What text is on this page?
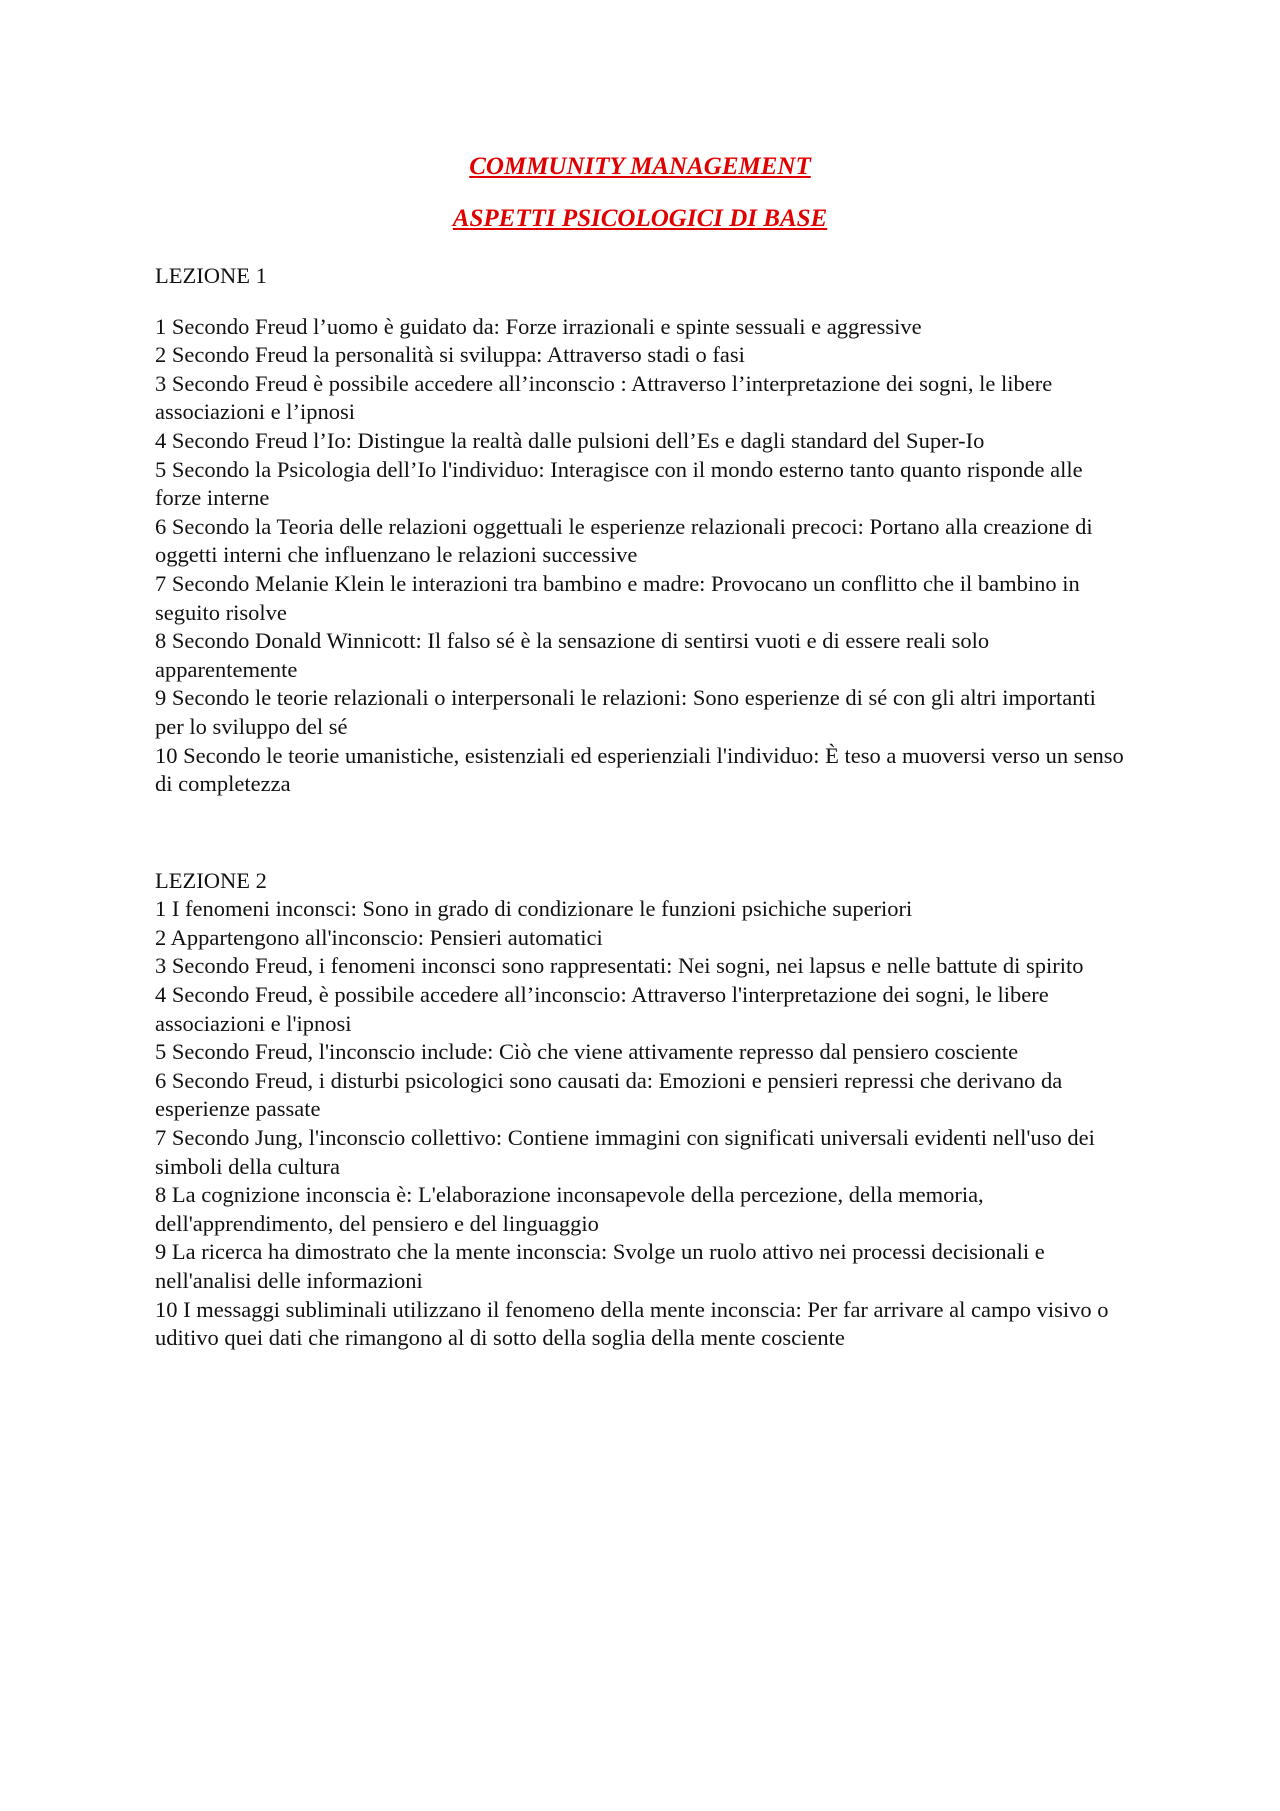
COMMUNITY MANAGEMENT
ASPETTI PSICOLOGICI DI BASE
LEZIONE 1

1 Secondo Freud l’uomo è guidato da: Forze irrazionali e spinte sessuali e aggressive

2 Secondo Freud la personalità si sviluppa: Attraverso stadi o fasi

3 Secondo Freud è possibile accedere all’inconscio : Attraverso l’interpretazione dei sogni, le libere associazioni e l’ipnosi

4 Secondo Freud l’Io: Distingue la realtà dalle pulsioni dell’Es e dagli standard del Super-Io

5 Secondo la Psicologia dell’Io l'individuo: Interagisce con il mondo esterno tanto quanto risponde alle forze interne

6 Secondo la Teoria delle relazioni oggettuali le esperienze relazionali precoci: Portano alla creazione di oggetti interni che influenzano le relazioni successive

7 Secondo Melanie Klein le interazioni tra bambino e madre: Provocano un conflitto che il bambino in seguito risolve

8 Secondo Donald Winnicott: Il falso sé è la sensazione di sentirsi vuoti e di essere reali solo apparentemente

9 Secondo le teorie relazionali o interpersonali le relazioni: Sono esperienze di sé con gli altri importanti per lo sviluppo del sé

10 Secondo le teorie umanistiche, esistenziali ed esperienziali l'individuo: È teso a muoversi verso un senso di completezza

LEZIONE 2

1 I fenomeni inconsci: Sono in grado di condizionare le funzioni psichiche superiori

2 Appartengono all'inconscio: Pensieri automatici

3 Secondo Freud, i fenomeni inconsci sono rappresentati: Nei sogni, nei lapsus e nelle battute di spirito

4 Secondo Freud, è possibile accedere all’inconscio: Attraverso l'interpretazione dei sogni, le libere associazioni e l'ipnosi

5 Secondo Freud, l'inconscio include: Ciò che viene attivamente represso dal pensiero cosciente

6 Secondo Freud, i disturbi psicologici sono causati da: Emozioni e pensieri repressi che derivano da esperienze passate

7 Secondo Jung, l'inconscio collettivo: Contiene immagini con significati universali evidenti nell'uso dei simboli della cultura

8 La cognizione inconscia è: L'elaborazione inconsapevole della percezione, della memoria, dell'apprendimento, del pensiero e del linguaggio

9 La ricerca ha dimostrato che la mente inconscia: Svolge un ruolo attivo nei processi decisionali e nell'analisi delle informazioni

10 I messaggi subliminali utilizzano il fenomeno della mente inconscia: Per far arrivare al campo visivo o uditivo quei dati che rimangono al di sotto della soglia della mente cosciente
